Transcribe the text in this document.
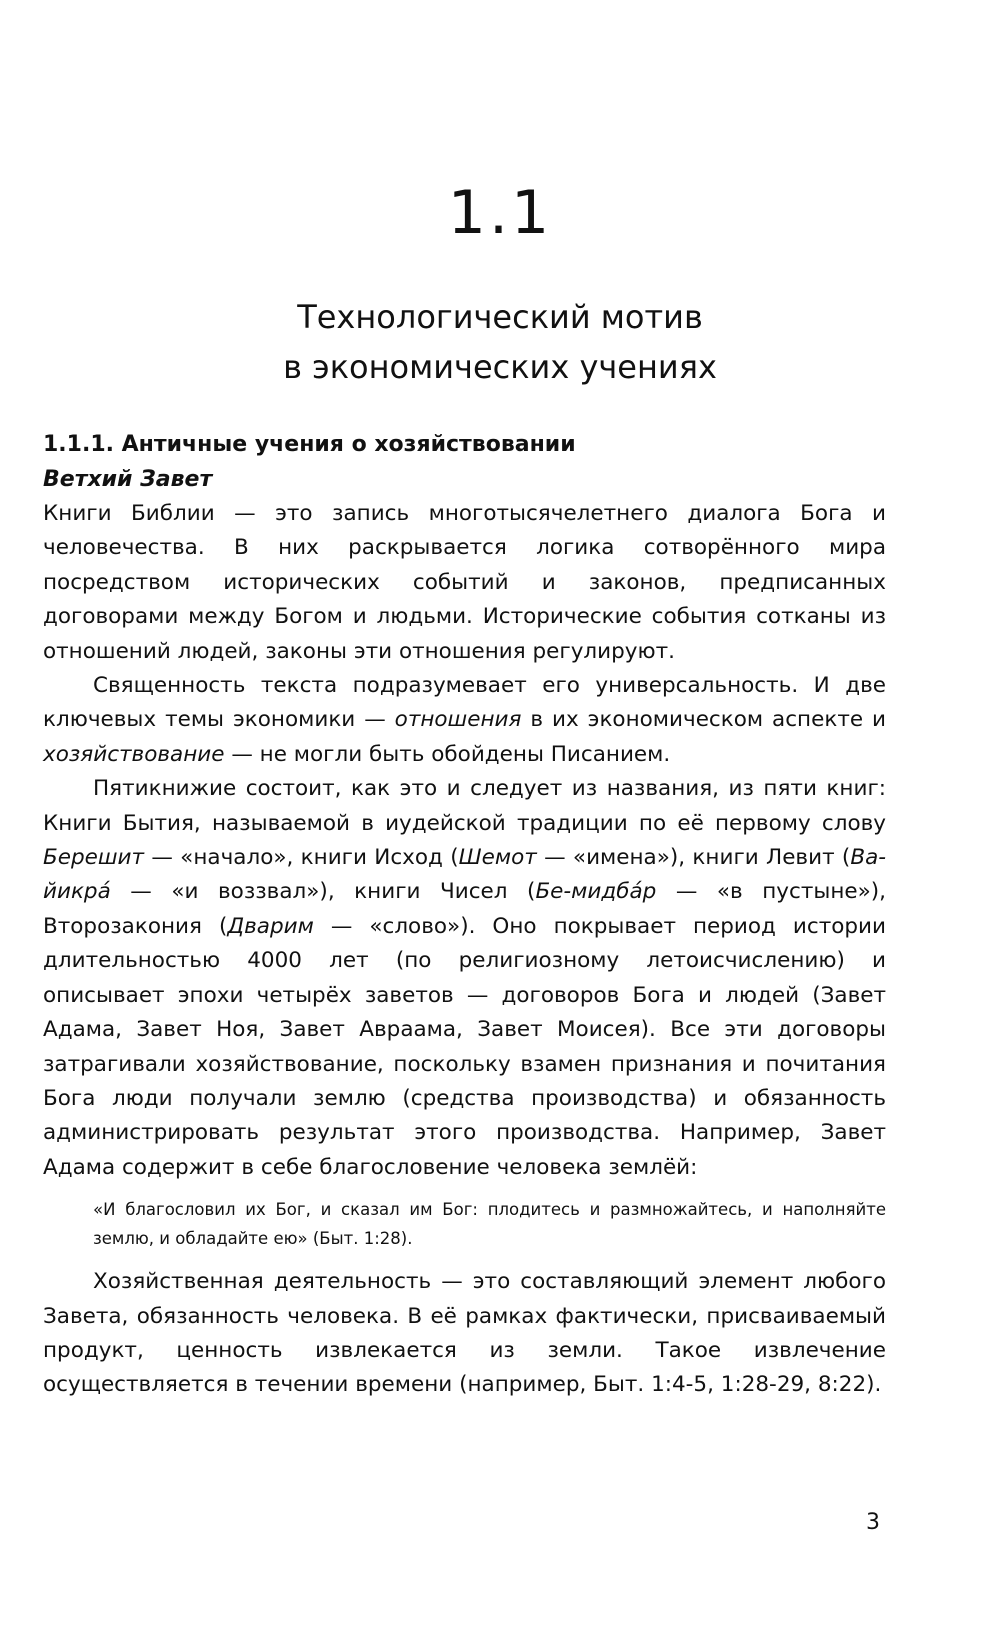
1.1
Технологический мотив
в экономических учениях

1.1.1. Античные учения о хозяйствовании

Ветхий Завет

Книги Библии — это запись многотысячелетнего диалога Бога и человечества. В них раскрывается логика сотворённого мира посредством исторических событий и законов, предписанных договорами между Богом и людьми. Исторические события сотканы из отношений людей, законы эти отношения регулируют.

Священность текста подразумевает его универсальность. И две ключевых темы экономики — отношения в их экономическом аспекте и хозяйствование — не могли быть обойдены Писанием.

Пятикнижие состоит, как это и следует из названия, из пяти книг: Книги Бытия, называемой в иудейской традиции по её первому слову Берешит — «начало», книги Исход (Шемот — «имена»), книги Левит (Ва-йикрá — «и воззвал»), книги Чисел (Бе-мидбáр — «в пустыне»), Второзакония (Дварим — «слово»). Оно покрывает период истории длительностью 4000 лет (по религиозному летоисчислению) и описывает эпохи четырёх заветов — договоров Бога и людей (Завет Адама, Завет Ноя, Завет Авраама, Завет Моисея). Все эти договоры затрагивали хозяйствование, поскольку взамен признания и почитания Бога люди получали землю (средства производства) и обязанность администрировать результат этого производства. Например, Завет Адама содержит в себе благословение человека землёй:

«И благословил их Бог, и сказал им Бог: плодитесь и размножайтесь, и наполняйте землю, и обладайте ею» (Быт. 1:28).

Хозяйственная деятельность — это составляющий элемент любого Завета, обязанность человека. В её рамках фактически, присваиваемый продукт, ценность извлекается из земли. Такое извлечение осуществляется в течении времени (например, Быт. 1:4-5, 1:28-29, 8:22).

3
